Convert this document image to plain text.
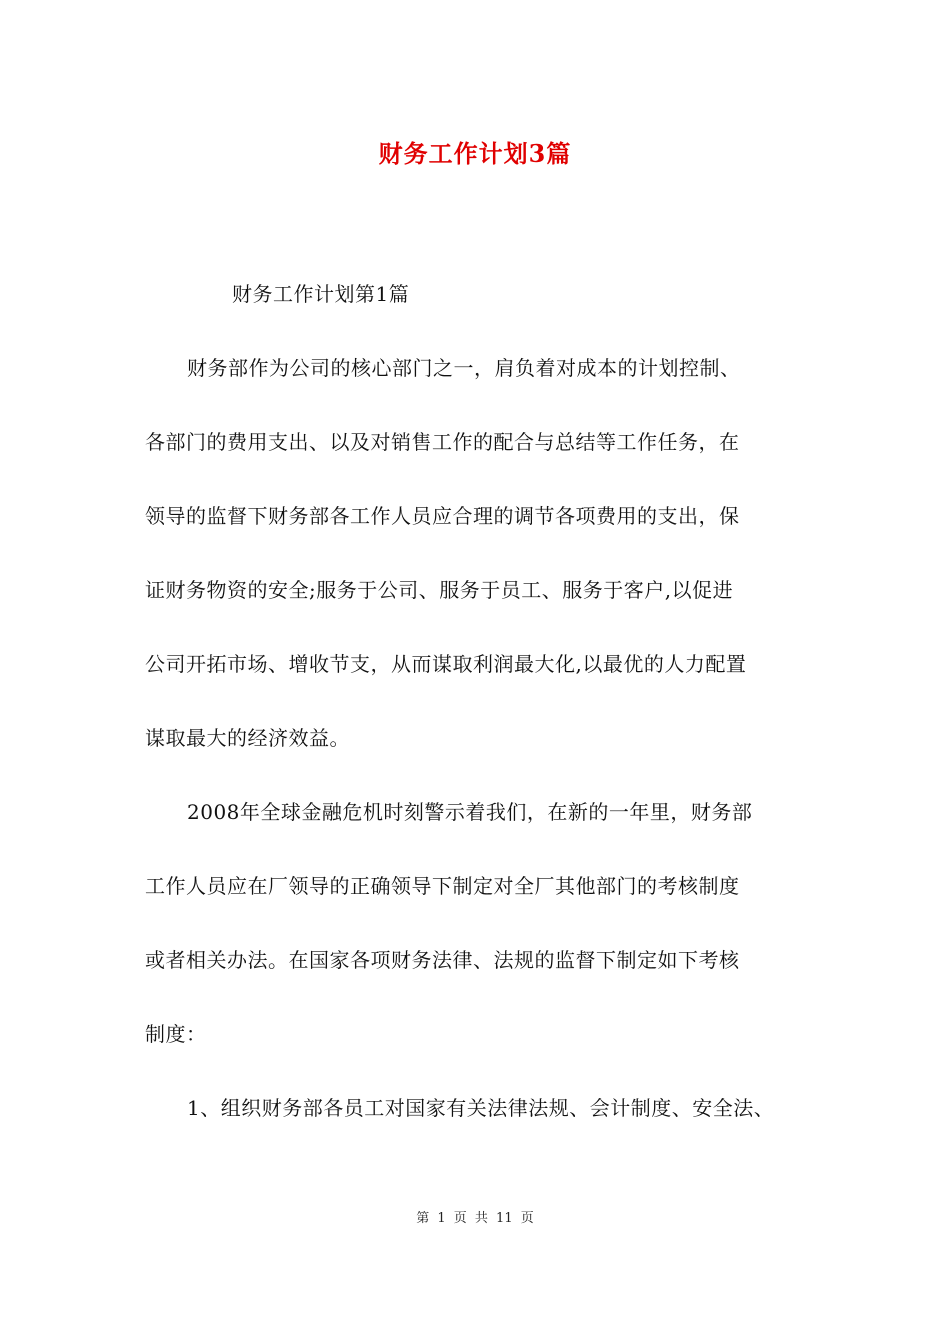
财务工作计划3篇
财务工作计划第1篇
财务部作为公司的核心部门之一，肩负着对成本的计划控制、
各部门的费用支出、以及对销售工作的配合与总结等工作任务，在
领导的监督下财务部各工作人员应合理的调节各项费用的支出，保
证财务物资的安全;服务于公司、服务于员工、服务于客户,以促进
公司开拓市场、增收节支，从而谋取利润最大化,以最优的人力配置
谋取最大的经济效益。
2008年全球金融危机时刻警示着我们，在新的一年里，财务部
工作人员应在厂领导的正确领导下制定对全厂其他部门的考核制度
或者相关办法。在国家各项财务法律、法规的监督下制定如下考核
制度：
1、组织财务部各员工对国家有关法律法规、会计制度、安全法、
第 1 页 共 11 页
